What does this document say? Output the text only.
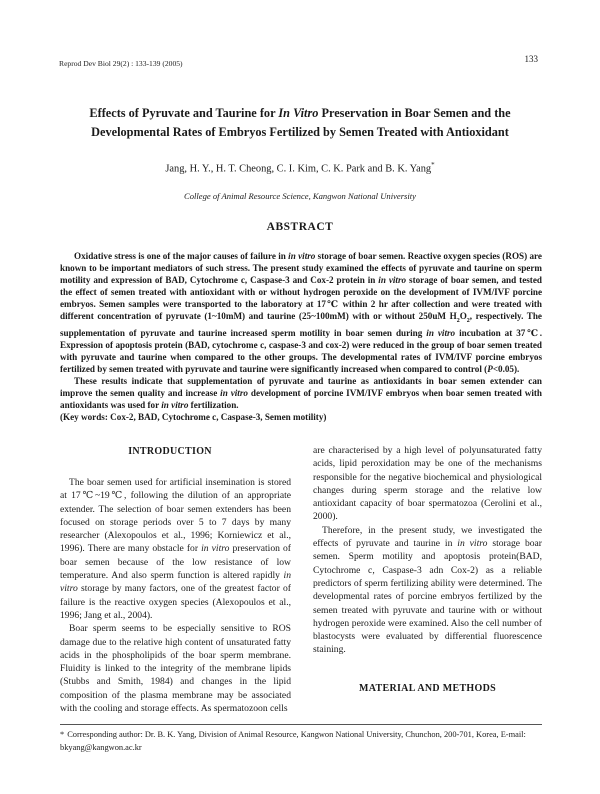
Reprod Dev Biol 29(2) : 133-139 (2005)	133
Effects of Pyruvate and Taurine for In Vitro Preservation in Boar Semen and the
Developmental Rates of Embryos Fertilized by Semen Treated with Antioxidant
Jang, H. Y., H. T. Cheong, C. I. Kim, C. K. Park and B. K. Yang*
College of Animal Resource Science, Kangwon National University
ABSTRACT

Oxidative stress is one of the major causes of failure in in vitro storage of boar semen. Reactive oxygen species (ROS) are known to be important mediators of such stress. The present study examined the effects of pyruvate and taurine on sperm motility and expression of BAD, Cytochrome c, Caspase-3 and Cox-2 protein in in vitro storage of boar semen, and tested the effect of semen treated with antioxidant with or without hydrogen peroxide on the development of IVM/IVF porcine embryos. Semen samples were transported to the laboratory at 17℃ within 2 hr after collection and were treated with different concentration of pyruvate (1~10mM) and taurine (25~100mM) with or without 250uM $H_2O_2$, respectively. The supplementation of pyruvate and taurine increased sperm motility in boar semen during in vitro incubation at 37℃. Expression of apoptosis protein (BAD, cytochrome c, caspase-3 and cox-2) were reduced in the group of boar semen treated with pyruvate and taurine when compared to the other groups. The developmental rates of IVM/IVF porcine embryos fertilized by semen treated with pyruvate and taurine were significantly increased when compared to control (P<0.05).

These results indicate that supplementation of pyruvate and taurine as antioxidants in boar semen extender can improve the semen quality and increase in vitro development of porcine IVM/IVF embryos when boar semen treated with antioxidants was used for in vitro fertilization.

(Key words: Cox-2, BAD, Cytochrome c, Caspase-3, Semen motility)

INTRODUCTION

The boar semen used for artificial insemination is stored at 17℃~19℃, following the dilution of an appropriate extender. The selection of boar semen extenders has been focused on storage periods over 5 to 7 days by many researcher (Alexopoulos et al., 1996; Korniewicz et al., 1996). There are many obstacle for in vitro preservation of boar semen because of the low resistance of low temperature. And also sperm function is altered rapidly in vitro storage by many factors, one of the greatest factor of failure is the reactive oxygen species (Alexopoulos et al., 1996; Jang et al., 2004).

Boar sperm seems to be especially sensitive to ROS damage due to the relative high content of unsaturated fatty acids in the phospholipids of the boar sperm membrane. Fluidity is linked to the integrity of the membrane lipids (Stubbs and Smith, 1984) and changes in the lipid composition of the plasma membrane may be associated with the cooling and storage effects. As spermatozoon cells

are characterised by a high level of polyunsaturated fatty acids, lipid peroxidation may be one of the mechanisms responsible for the negative biochemical and physiological changes during sperm storage and the relative low antioxidant capacity of boar spermatozoa (Cerolini et al., 2000).

Therefore, in the present study, we investigated the effects of pyruvate and taurine in in vitro storage boar semen. Sperm motility and apoptosis protein(BAD, Cytochrome c, Caspase-3 adn Cox-2) as a reliable predictors of sperm fertilizing ability were determined. The developmental rates of porcine embryos fertilized by the semen treated with pyruvate and taurine with or without hydrogen peroxide were examined. Also the cell number of blastocysts were evaluated by differential fluorescence staining.

MATERIAL AND METHODS
* Corresponding author: Dr. B. K. Yang, Division of Animal Resource, Kangwon National University, Chunchon, 200-701, Korea, E-mail: bkyang@kangwon.ac.kr
